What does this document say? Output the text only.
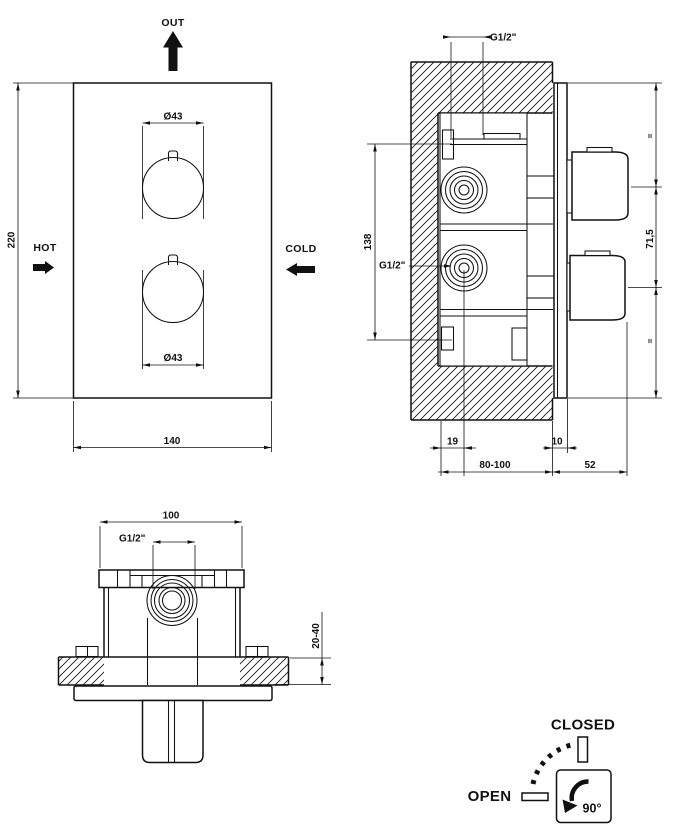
OUT
HOT	COLD
220
140
Ø43
Ø43
G1/2"
138
G1/2"
=
71,5
=
19	10
80-100	52
100
G1/2"
20-40
CLOSED
OPEN
90°
